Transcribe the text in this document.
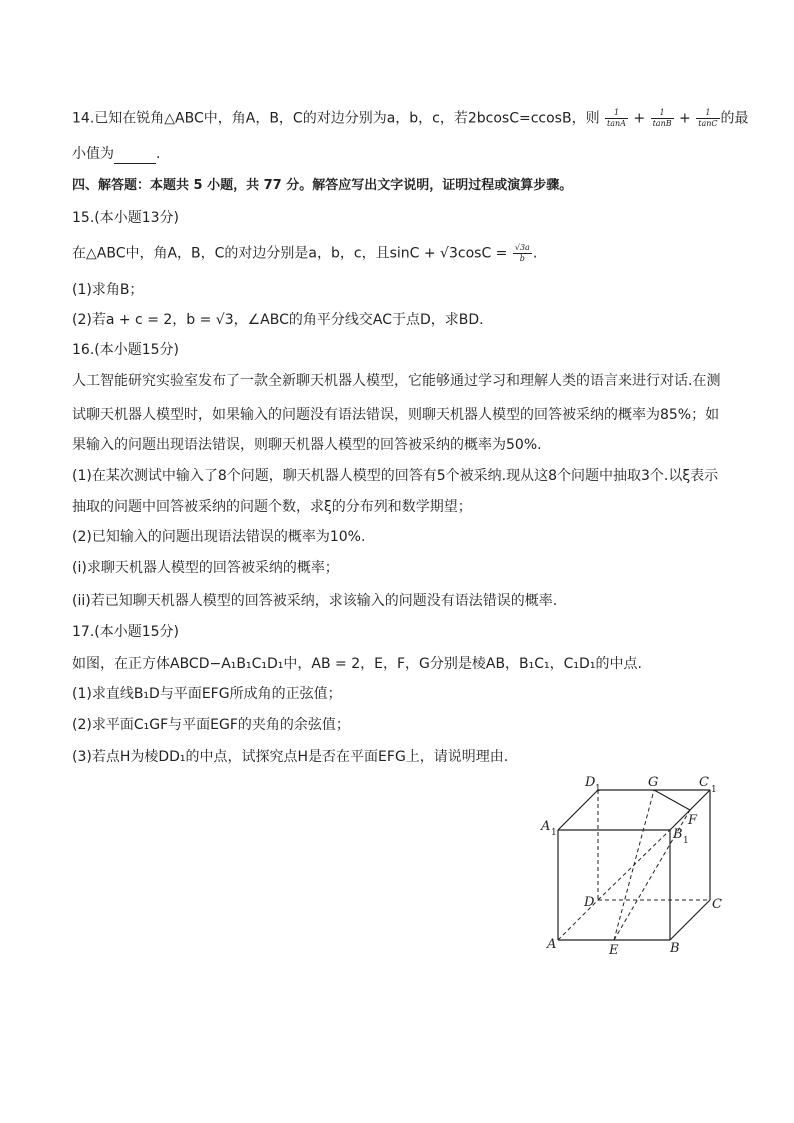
14.已知在锐角△ABC中，角A，B，C的对边分别为a，b，c，若2bcosC=ccosB，则 $\frac{1}{\tan A} + \frac{1}{\tan B} + \frac{1}{\tan C}$ 的最
小值为	.
四、解答题：本题共 5 小题，共 77 分。解答应写出文字说明，证明过程或演算步骤。
15.(本小题13分)
在△ABC中，角A，B，C的对边分别是a，b，c，且$\sin C + √3\cos C = \frac{√3a}{b}$ .
(1)求角B；
(2)若a + c = 2，b = √3，∠ABC的角平分线交AC于点D，求BD.
16.(本小题15分)
人工智能研究实验室发布了一款全新聊天机器人模型，它能够通过学习和理解人类的语言来进行对话.在测
试聊天机器人模型时，如果输入的问题没有语法错误，则聊天机器人模型的回答被采纳的概率为85%；如
果输入的问题出现语法错误，则聊天机器人模型的回答被采纳的概率为50%.
(1)在某次测试中输入了8个问题，聊天机器人模型的回答有5个被采纳.现从这8个问题中抽取3个.以ξ表示
抽取的问题中回答被采纳的问题个数，求ξ的分布列和数学期望；
(2)已知输入的问题出现语法错误的概率为10%.
(i)求聊天机器人模型的回答被采纳的概率；
(ii)若已知聊天机器人模型的回答被采纳，求该输入的问题没有语法错误的概率.
17.(本小题15分)
如图，在正方体ABCD−A₁B₁C₁D₁中，AB = 2，E，F，G分别是棱AB，B₁C₁，C₁D₁的中点.
(1)求直线B₁D与平面EFG所成角的正弦值；
(2)求平面C₁GF与平面EGF的夹角的余弦值；
(3)若点H为棱DD₁的中点，试探究点H是否在平面EFG上，请说明理由.
D 1	G	C 1
A 1	B 1
F
D	C
A	E	B
